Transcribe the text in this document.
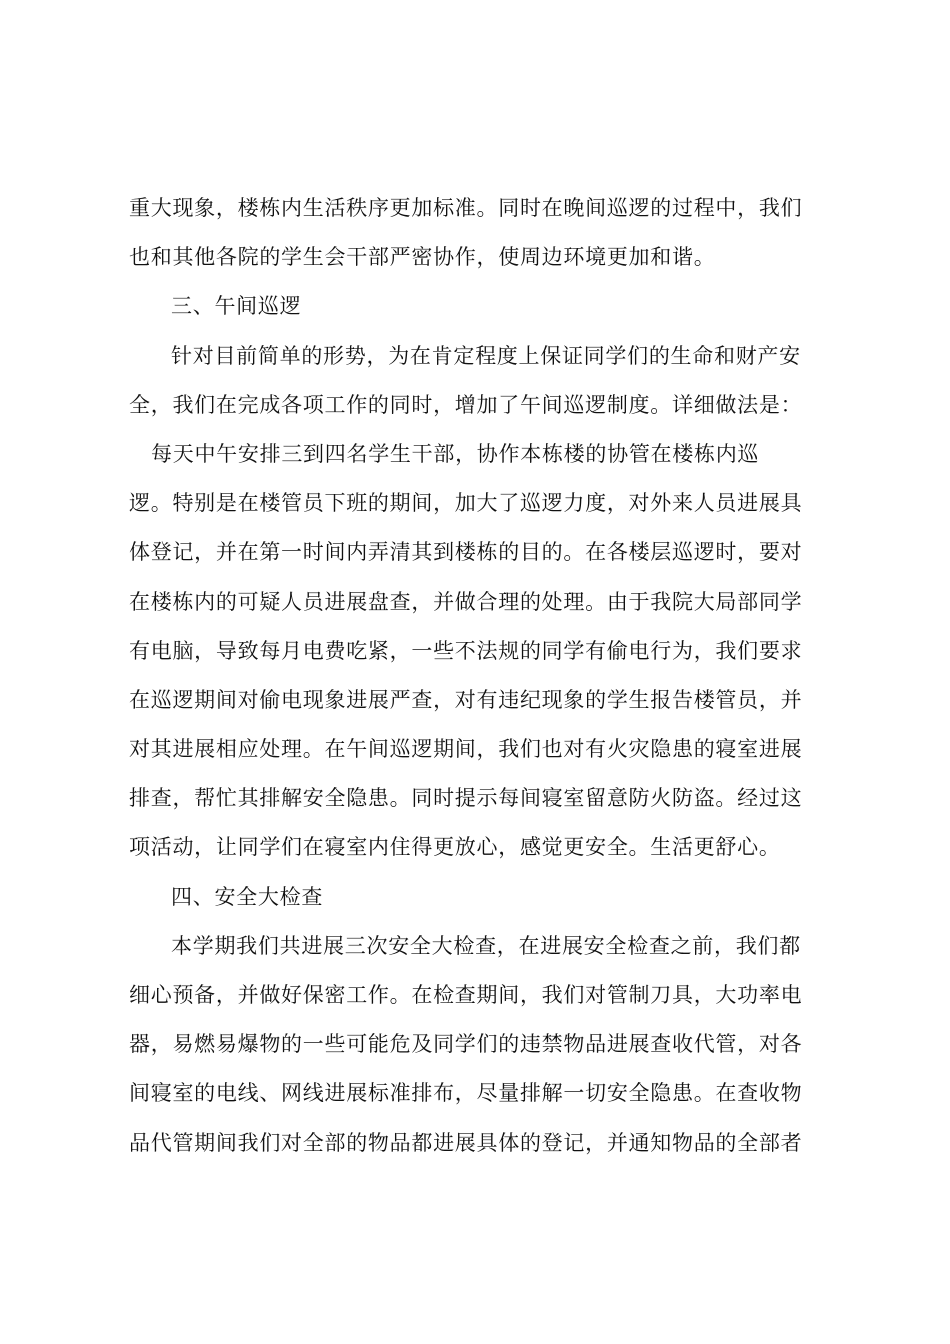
重大现象，楼栋内生活秩序更加标准。同时在晚间巡逻的过程中，我们
也和其他各院的学生会干部严密协作，使周边环境更加和谐。
三、午间巡逻
针对目前简单的形势，为在肯定程度上保证同学们的生命和财产安
全，我们在完成各项工作的同时，增加了午间巡逻制度。详细做法是：
每天中午安排三到四名学生干部，协作本栋楼的协管在楼栋内巡
逻。特别是在楼管员下班的期间，加大了巡逻力度，对外来人员进展具
体登记，并在第一时间内弄清其到楼栋的目的。在各楼层巡逻时，要对
在楼栋内的可疑人员进展盘查，并做合理的处理。由于我院大局部同学
有电脑，导致每月电费吃紧，一些不法规的同学有偷电行为，我们要求
在巡逻期间对偷电现象进展严查，对有违纪现象的学生报告楼管员，并
对其进展相应处理。在午间巡逻期间，我们也对有火灾隐患的寝室进展
排查，帮忙其排解安全隐患。同时提示每间寝室留意防火防盗。经过这
项活动，让同学们在寝室内住得更放心，感觉更安全。生活更舒心。
四、安全大检查
本学期我们共进展三次安全大检查，在进展安全检查之前，我们都
细心预备，并做好保密工作。在检查期间，我们对管制刀具，大功率电
器，易燃易爆物的一些可能危及同学们的违禁物品进展查收代管，对各
间寝室的电线、网线进展标准排布，尽量排解一切安全隐患。在查收物
品代管期间我们对全部的物品都进展具体的登记，并通知物品的全部者
